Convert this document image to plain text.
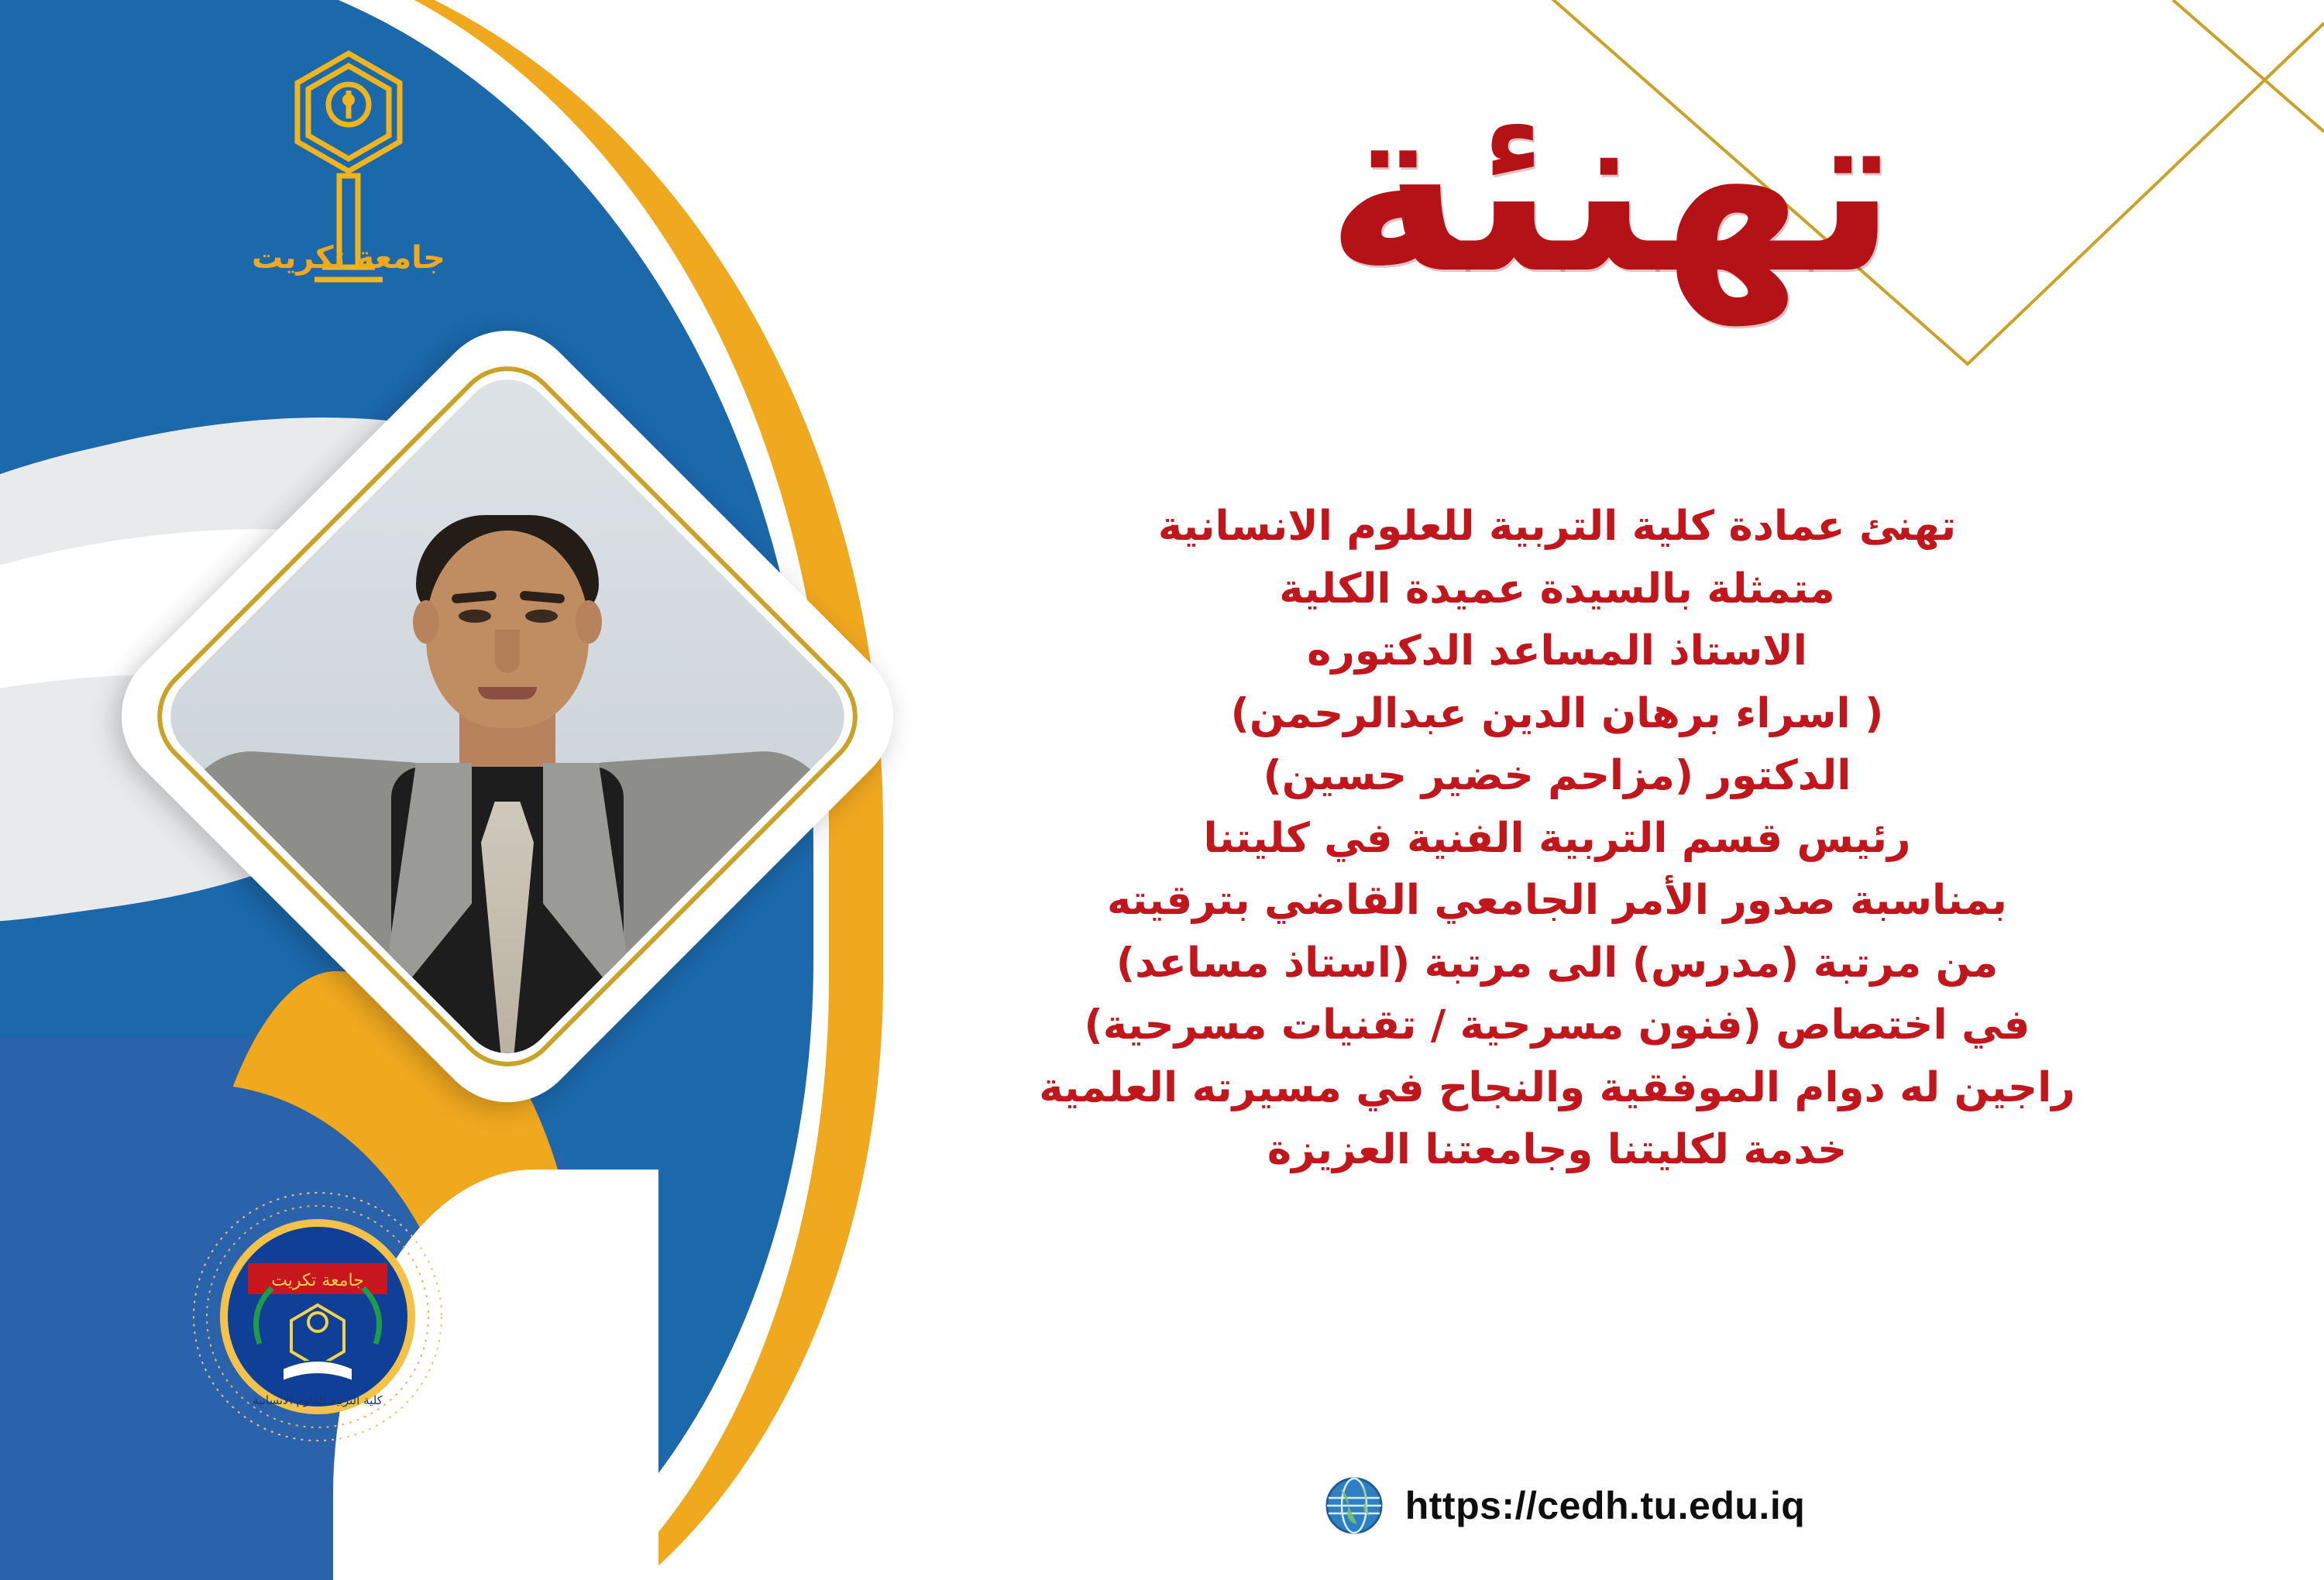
جامعة تكريت
جامعة تكريت
كلية التربية للعلوم الانسانية
تهنئة
تهنئ عمادة كلية التربية للعلوم الانسانية
متمثلة بالسيدة عميدة الكلية
الاستاذ المساعد الدكتوره
( اسراء برهان الدين عبدالرحمن)
الدكتور (مزاحم خضير حسين)
رئيس قسم التربية الفنية في كليتنا
بمناسبة صدور الأمر الجامعي القاضي بترقيته
من مرتبة (مدرس) الى مرتبة (استاذ مساعد)
في اختصاص (فنون مسرحية / تقنيات مسرحية)
راجين له دوام الموفقية والنجاح في مسيرته العلمية
خدمة لكليتنا وجامعتنا العزيزة
https://cedh.tu.edu.iq
